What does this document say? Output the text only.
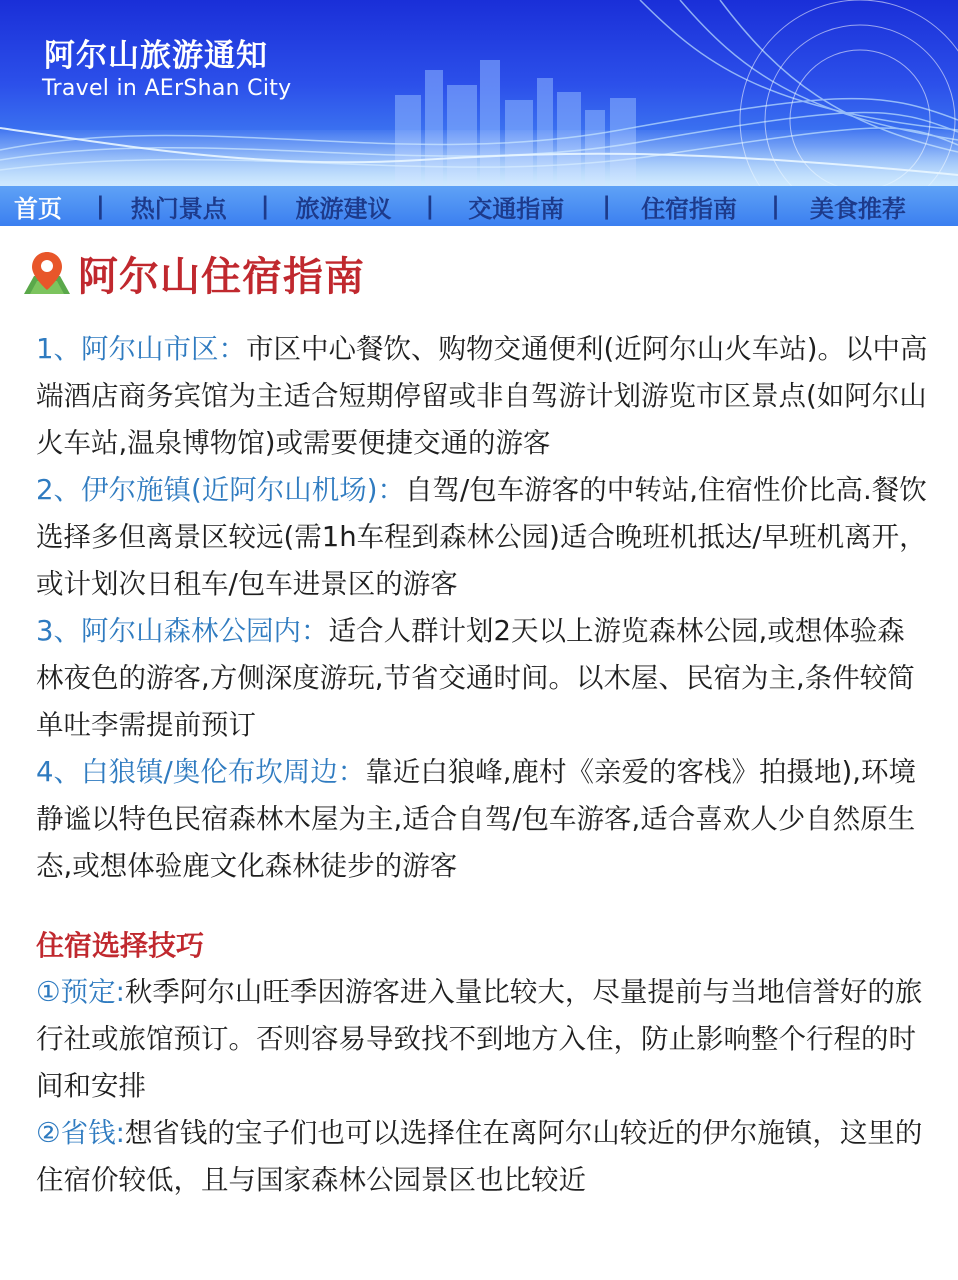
阿尔山旅游通知
Travel in AErShan City
首页 | 热门景点 | 旅游建议 | 交通指南 | 住宿指南 | 美食推荐
阿尔山住宿指南

1、阿尔山市区：市区中心餐饮、购物交通便利(近阿尔山火车站)。以中高端酒店商务宾馆为主适合短期停留或非自驾游计划游览市区景点(如阿尔山火车站,温泉博物馆)或需要便捷交通的游客

2、伊尔施镇(近阿尔山机场)：自驾/包车游客的中转站,住宿性价比高.餐饮选择多但离景区较远(需1h车程到森林公园)适合晚班机抵达/早班机离开，或计划次日租车/包车进景区的游客

3、阿尔山森林公园内：适合人群计划2天以上游览森林公园,或想体验森林夜色的游客,方侧深度游玩,节省交通时间。以木屋、民宿为主,条件较简单吐李需提前预订

4、白狼镇/奥伦布坎周边：靠近白狼峰,鹿村《亲爱的客栈》拍摄地),环境静谧以特色民宿森林木屋为主,适合自驾/包车游客,适合喜欢人少自然原生态,或想体验鹿文化森林徒步的游客

住宿选择技巧

①预定:秋季阿尔山旺季因游客进入量比较大，尽量提前与当地信誉好的旅行社或旅馆预订。否则容易导致找不到地方入住，防止影响整个行程的时间和安排

②省钱:想省钱的宝子们也可以选择住在离阿尔山较近的伊尔施镇，这里的住宿价较低，且与国家森林公园景区也比较近
